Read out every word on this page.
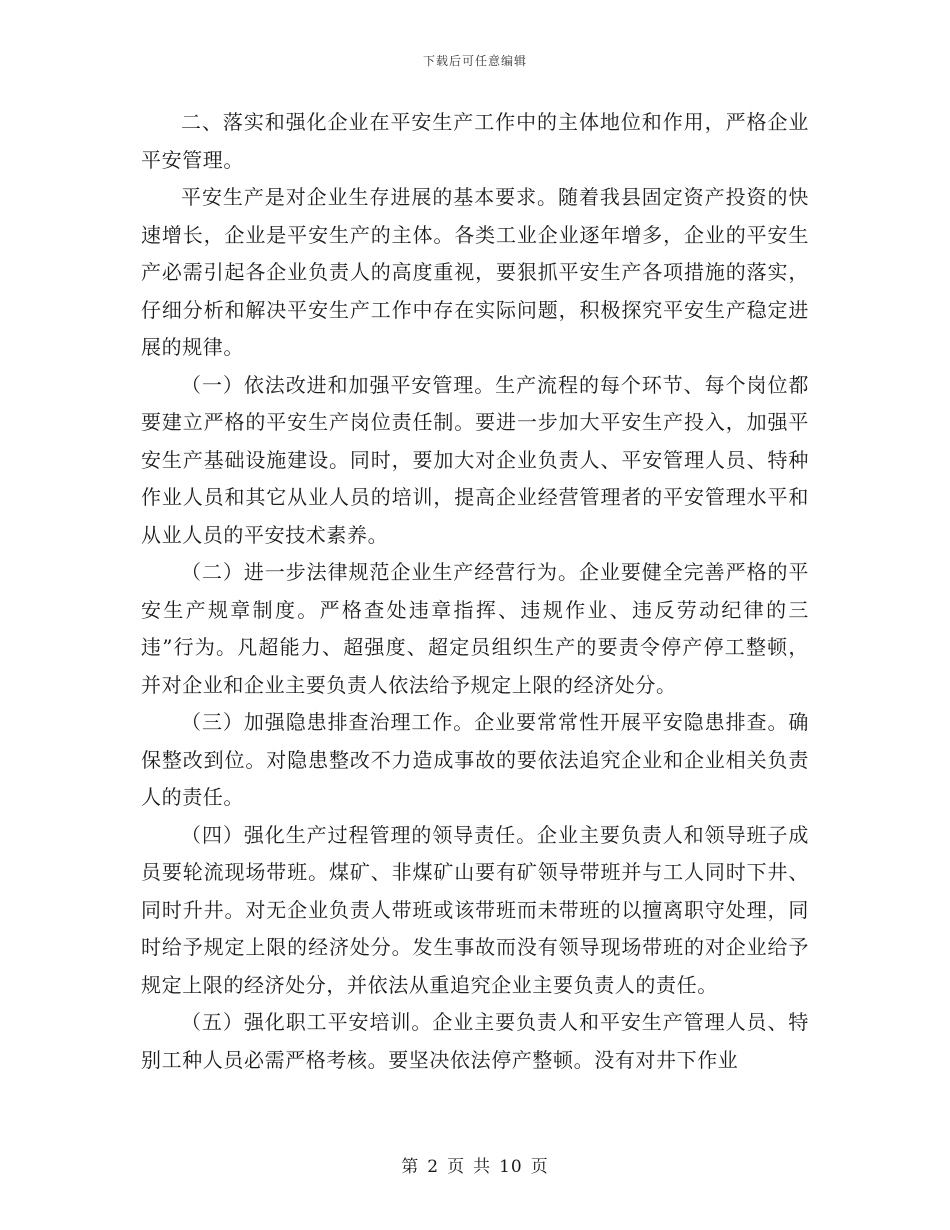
下载后可任意编辑

二、落实和强化企业在平安生产工作中的主体地位和作用，严格企业平安管理。

平安生产是对企业生存进展的基本要求。随着我县固定资产投资的快速增长，企业是平安生产的主体。各类工业企业逐年增多，企业的平安生产必需引起各企业负责人的高度重视，要狠抓平安生产各项措施的落实，仔细分析和解决平安生产工作中存在实际问题，积极探究平安生产稳定进展的规律。

（一）依法改进和加强平安管理。生产流程的每个环节、每个岗位都要建立严格的平安生产岗位责任制。要进一步加大平安生产投入，加强平安生产基础设施建设。同时，要加大对企业负责人、平安管理人员、特种作业人员和其它从业人员的培训，提高企业经营管理者的平安管理水平和从业人员的平安技术素养。

（二）进一步法律规范企业生产经营行为。企业要健全完善严格的平安生产规章制度。严格查处违章指挥、违规作业、违反劳动纪律的三违”行为。凡超能力、超强度、超定员组织生产的要责令停产停工整顿，并对企业和企业主要负责人依法给予规定上限的经济处分。

（三）加强隐患排查治理工作。企业要常常性开展平安隐患排查。确保整改到位。对隐患整改不力造成事故的要依法追究企业和企业相关负责人的责任。

（四）强化生产过程管理的领导责任。企业主要负责人和领导班子成员要轮流现场带班。煤矿、非煤矿山要有矿领导带班并与工人同时下井、同时升井。对无企业负责人带班或该带班而未带班的以擅离职守处理，同时给予规定上限的经济处分。发生事故而没有领导现场带班的对企业给予规定上限的经济处分，并依法从重追究企业主要负责人的责任。

（五）强化职工平安培训。企业主要负责人和平安生产管理人员、特别工种人员必需严格考核。要坚决依法停产整顿。没有对井下作业

第 2 页 共 10 页
